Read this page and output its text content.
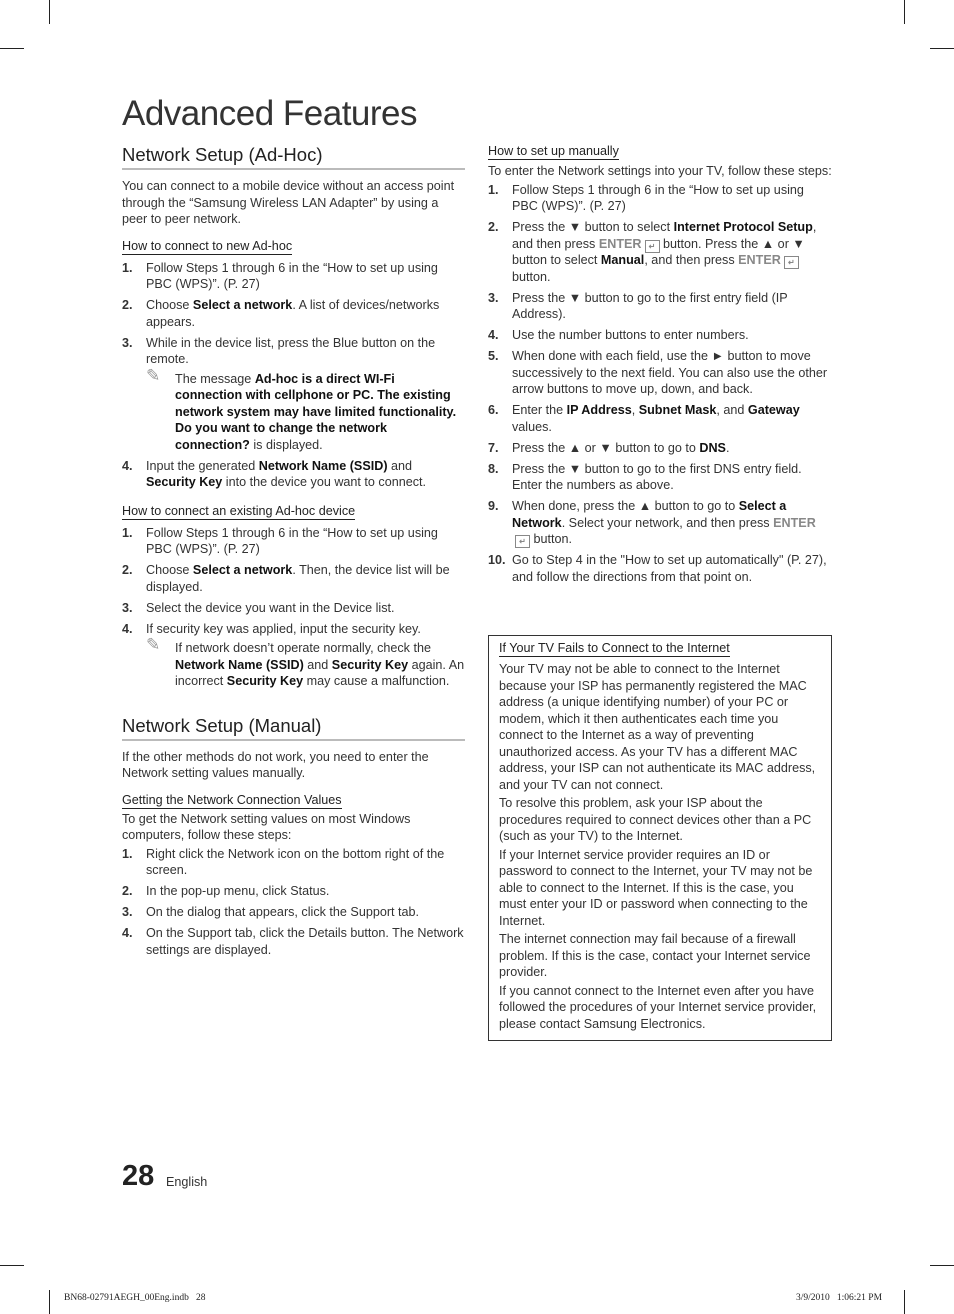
Advanced Features
Network Setup (Ad-Hoc)

You can connect to a mobile device without an access point through the “Samsung Wireless LAN Adapter” by using a peer to peer network.

How to connect to new Ad-hoc
1. Follow Steps 1 through 6 in the “How to set up using PBC (WPS)”. (P. 27)
2. Choose Select a network. A list of devices/networks appears.
3. While in the device list, press the Blue button on the remote.
✎ The message Ad-hoc is a direct WI-Fi connection with cellphone or PC. The existing network system may have limited functionality. Do you want to change the network connection? is displayed.
4. Input the generated Network Name (SSID) and Security Key into the device you want to connect.
How to connect an existing Ad-hoc device
1. Follow Steps 1 through 6 in the “How to set up using PBC (WPS)”. (P. 27)
2. Choose Select a network. Then, the device list will be displayed.
3. Select the device you want in the Device list.
4. If security key was applied, input the security key.
✎ If network doesn’t operate normally, check the Network Name (SSID) and Security Key again. An incorrect Security Key may cause a malfunction.
Network Setup (Manual)

If the other methods do not work, you need to enter the Network setting values manually.

Getting the Network Connection Values

To get the Network setting values on most Windows computers, follow these steps:

1. Right click the Network icon on the bottom right of the screen.
2. In the pop-up menu, click Status.
3. On the dialog that appears, click the Support tab.
4. On the Support tab, click the Details button. The Network settings are displayed.
How to set up manually

To enter the Network settings into your TV, follow these steps:

1. Follow Steps 1 through 6 in the “How to set up using PBC (WPS)”. (P. 27)
2. Press the ▼ button to select Internet Protocol Setup, and then press ENTER ↵ button. Press the ▲ or ▼ button to select Manual, and then press ENTER ↵ button.
3. Press the ▼ button to go to the first entry field (IP Address).
4. Use the number buttons to enter numbers.
5. When done with each field, use the ► button to move successively to the next field. You can also use the other arrow buttons to move up, down, and back.
6. Enter the IP Address, Subnet Mask, and Gateway values.
7. Press the ▲ or ▼ button to go to DNS.
8. Press the ▼ button to go to the first DNS entry field. Enter the numbers as above.
9. When done, press the ▲ button to go to Select a Network. Select your network, and then press ENTER↵ button.
10. Go to Step 4 in the "How to set up automatically" (P. 27), and follow the directions from that point on.
If Your TV Fails to Connect to the Internet

Your TV may not be able to connect to the Internet because your ISP has permanently registered the MAC address (a unique identifying number) of your PC or modem, which it then authenticates each time you connect to the Internet as a way of preventing unauthorized access. As your TV has a different MAC address, your ISP can not authenticate its MAC address, and your TV can not connect.

To resolve this problem, ask your ISP about the procedures required to connect devices other than a PC (such as your TV) to the Internet.

If your Internet service provider requires an ID or password to connect to the Internet, your TV may not be able to connect to the Internet. If this is the case, you must enter your ID or password when connecting to the Internet.

The internet connection may fail because of a firewall problem. If this is the case, contact your Internet service provider.

If you cannot connect to the Internet even after you have followed the procedures of your Internet service provider, please contact Samsung Electronics.

28 English
BN68-02791AEGH_00Eng.indb   28	3/9/2010   1:06:21 PM
